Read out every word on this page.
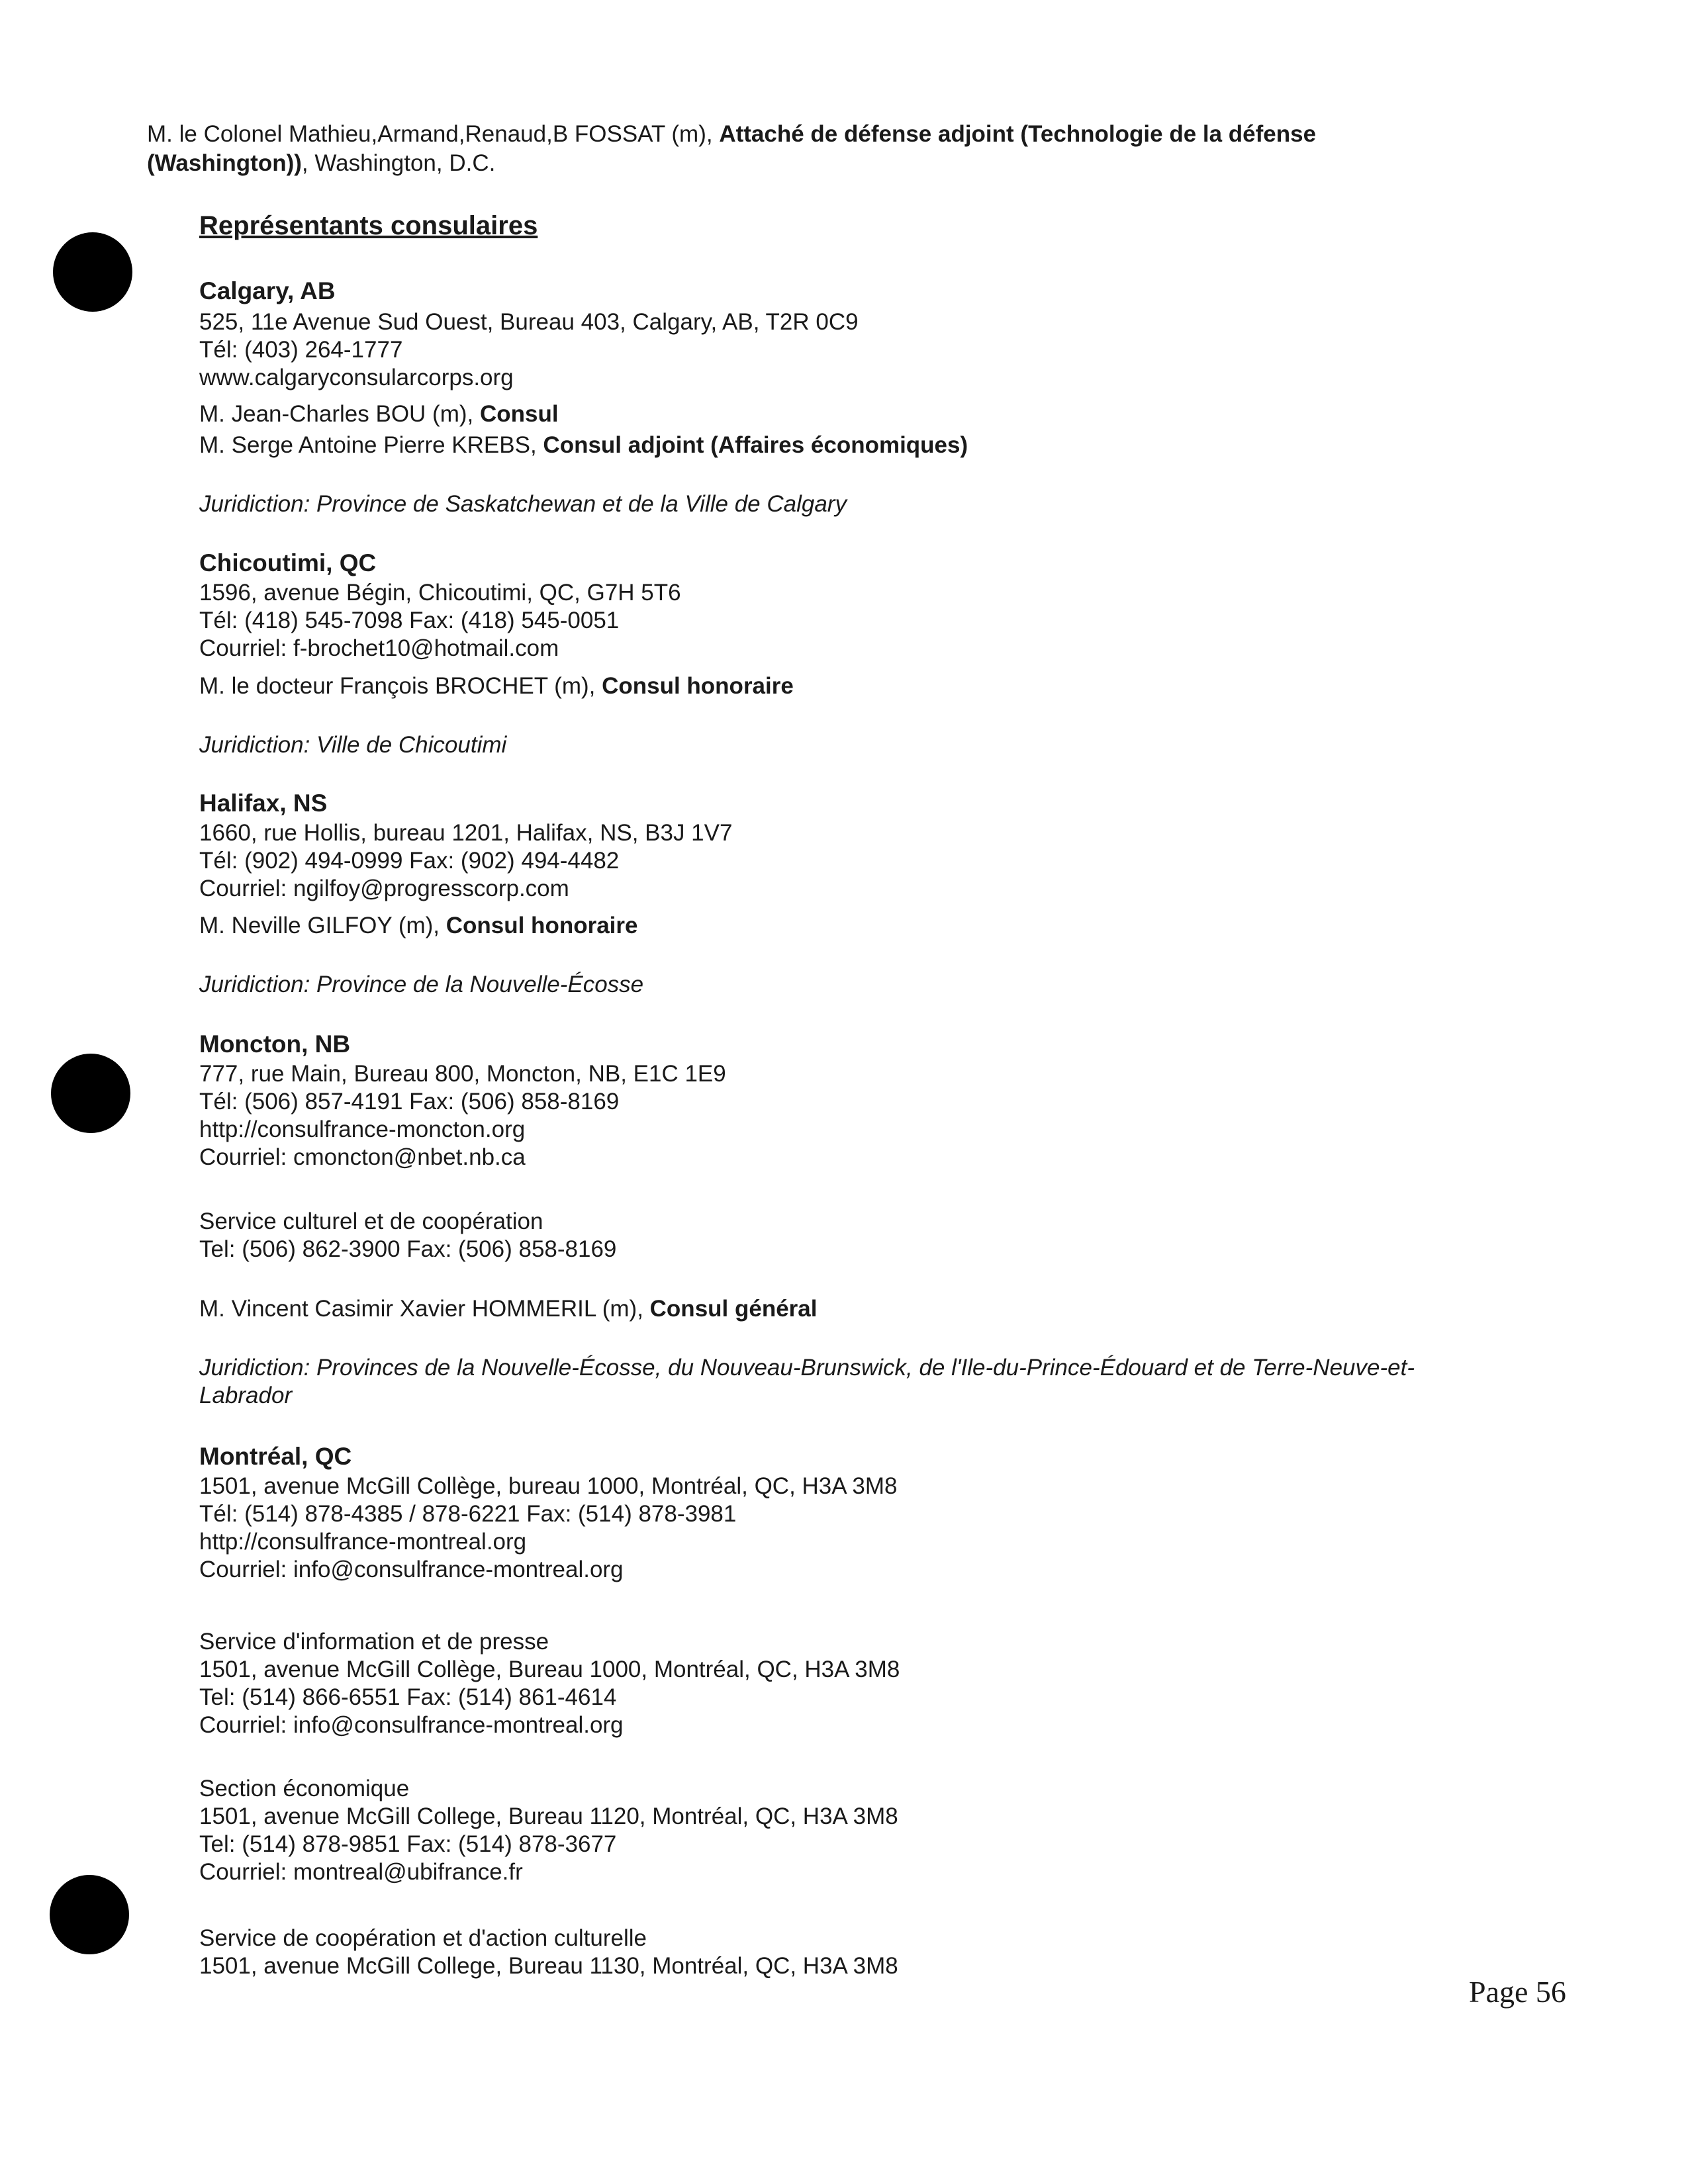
M. le Colonel Mathieu,Armand,Renaud,B FOSSAT (m), Attaché de défense adjoint (Technologie de la défense

(Washington)), Washington, D.C.

Représentants consulaires

Calgary, AB

525, 11e Avenue Sud Ouest, Bureau 403, Calgary, AB, T2R 0C9

Tél: (403) 264-1777

www.calgaryconsularcorps.org

M. Jean-Charles BOU (m), Consul

M. Serge Antoine Pierre KREBS, Consul adjoint (Affaires économiques)

Juridiction: Province de Saskatchewan et de la Ville de Calgary

Chicoutimi, QC

1596, avenue Bégin, Chicoutimi, QC, G7H 5T6

Tél: (418) 545-7098 Fax: (418) 545-0051

Courriel: f-brochet10@hotmail.com

M. le docteur François BROCHET (m), Consul honoraire

Juridiction: Ville de Chicoutimi

Halifax, NS

1660, rue Hollis, bureau 1201, Halifax, NS, B3J 1V7

Tél: (902) 494-0999 Fax: (902) 494-4482

Courriel: ngilfoy@progresscorp.com

M. Neville GILFOY (m), Consul honoraire

Juridiction: Province de la Nouvelle-Écosse

Moncton, NB

777, rue Main, Bureau 800, Moncton, NB, E1C 1E9

Tél: (506) 857-4191 Fax: (506) 858-8169

http://consulfrance-moncton.org

Courriel: cmoncton@nbet.nb.ca

Service culturel et de coopération

Tel: (506) 862-3900 Fax: (506) 858-8169

M. Vincent Casimir Xavier HOMMERIL (m), Consul général

Juridiction: Provinces de la Nouvelle-Écosse, du Nouveau-Brunswick, de l'Ile-du-Prince-Édouard et de Terre-Neuve-et-

Labrador

Montréal, QC

1501, avenue McGill Collège, bureau 1000, Montréal, QC, H3A 3M8

Tél: (514) 878-4385 / 878-6221 Fax: (514) 878-3981

http://consulfrance-montreal.org

Courriel: info@consulfrance-montreal.org

Service d'information et de presse

1501, avenue McGill Collège, Bureau 1000, Montréal, QC, H3A 3M8

Tel: (514) 866-6551 Fax: (514) 861-4614

Courriel: info@consulfrance-montreal.org

Section économique

1501, avenue McGill College, Bureau 1120, Montréal, QC, H3A 3M8

Tel: (514) 878-9851 Fax: (514) 878-3677

Courriel: montreal@ubifrance.fr

Service de coopération et d'action culturelle

1501, avenue McGill College, Bureau 1130, Montréal, QC, H3A 3M8

Page 56
